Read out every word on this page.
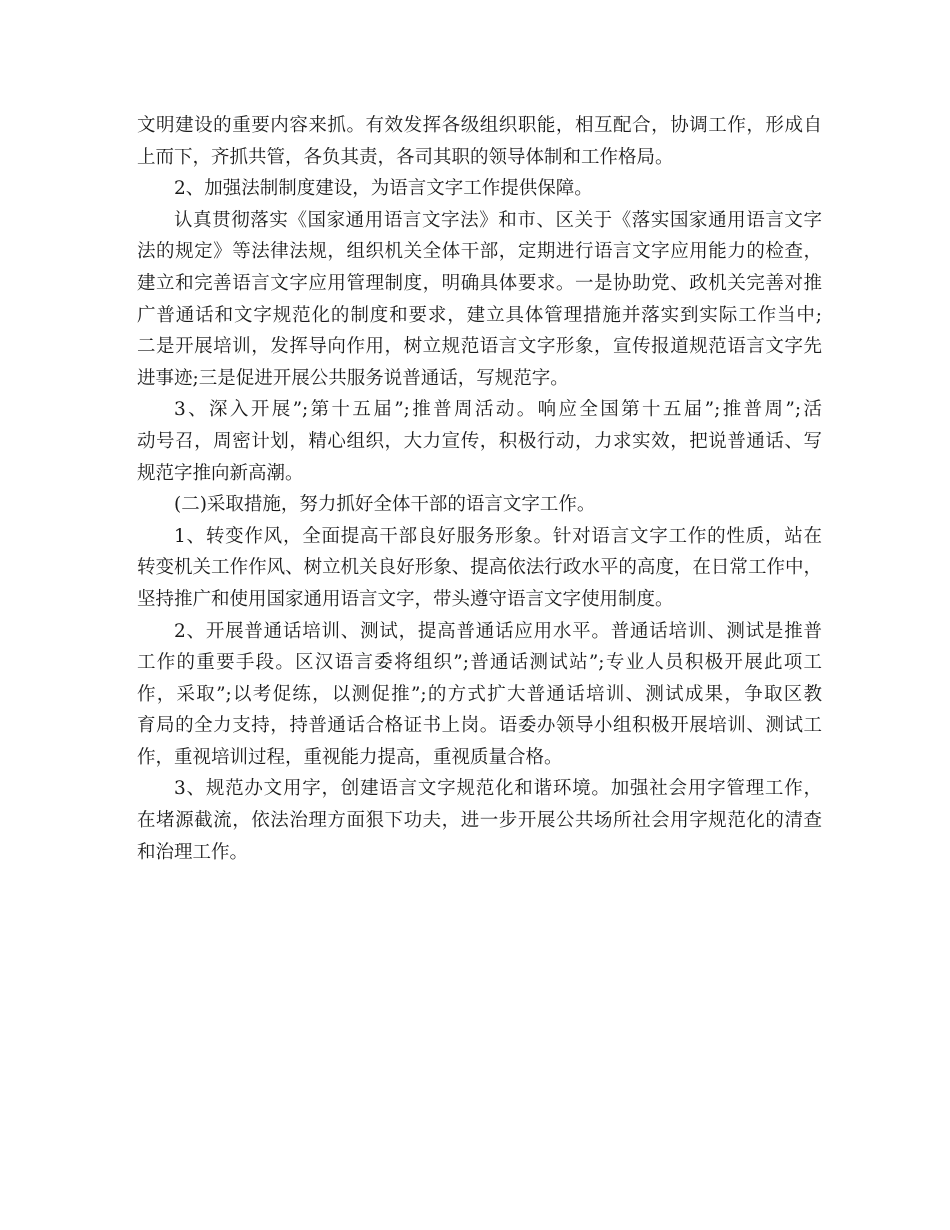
文明建设的重要内容来抓。有效发挥各级组织职能，相互配合，协调工作，形成自
上而下，齐抓共管，各负其责，各司其职的领导体制和工作格局。
2、加强法制制度建设，为语言文字工作提供保障。
认真贯彻落实《国家通用语言文字法》和市、区关于《落实国家通用语言文字
法的规定》等法律法规，组织机关全体干部，定期进行语言文字应用能力的检查，
建立和完善语言文字应用管理制度，明确具体要求。一是协助党、政机关完善对推
广普通话和文字规范化的制度和要求，建立具体管理措施并落实到实际工作当中;
二是开展培训，发挥导向作用，树立规范语言文字形象，宣传报道规范语言文字先
进事迹;三是促进开展公共服务说普通话，写规范字。
3、深入开展”;第十五届”;推普周活动。响应全国第十五届”;推普周”;活
动号召，周密计划，精心组织，大力宣传，积极行动，力求实效，把说普通话、写
规范字推向新高潮。
(二)采取措施，努力抓好全体干部的语言文字工作。
1、转变作风，全面提高干部良好服务形象。针对语言文字工作的性质，站在
转变机关工作作风、树立机关良好形象、提高依法行政水平的高度，在日常工作中，
坚持推广和使用国家通用语言文字，带头遵守语言文字使用制度。
2、开展普通话培训、测试，提高普通话应用水平。普通话培训、测试是推普
工作的重要手段。区汉语言委将组织”;普通话测试站”;专业人员积极开展此项工
作，采取”;以考促练，以测促推”;的方式扩大普通话培训、测试成果，争取区教
育局的全力支持，持普通话合格证书上岗。语委办领导小组积极开展培训、测试工
作，重视培训过程，重视能力提高，重视质量合格。
3、规范办文用字，创建语言文字规范化和谐环境。加强社会用字管理工作，
在堵源截流，依法治理方面狠下功夫，进一步开展公共场所社会用字规范化的清查
和治理工作。
